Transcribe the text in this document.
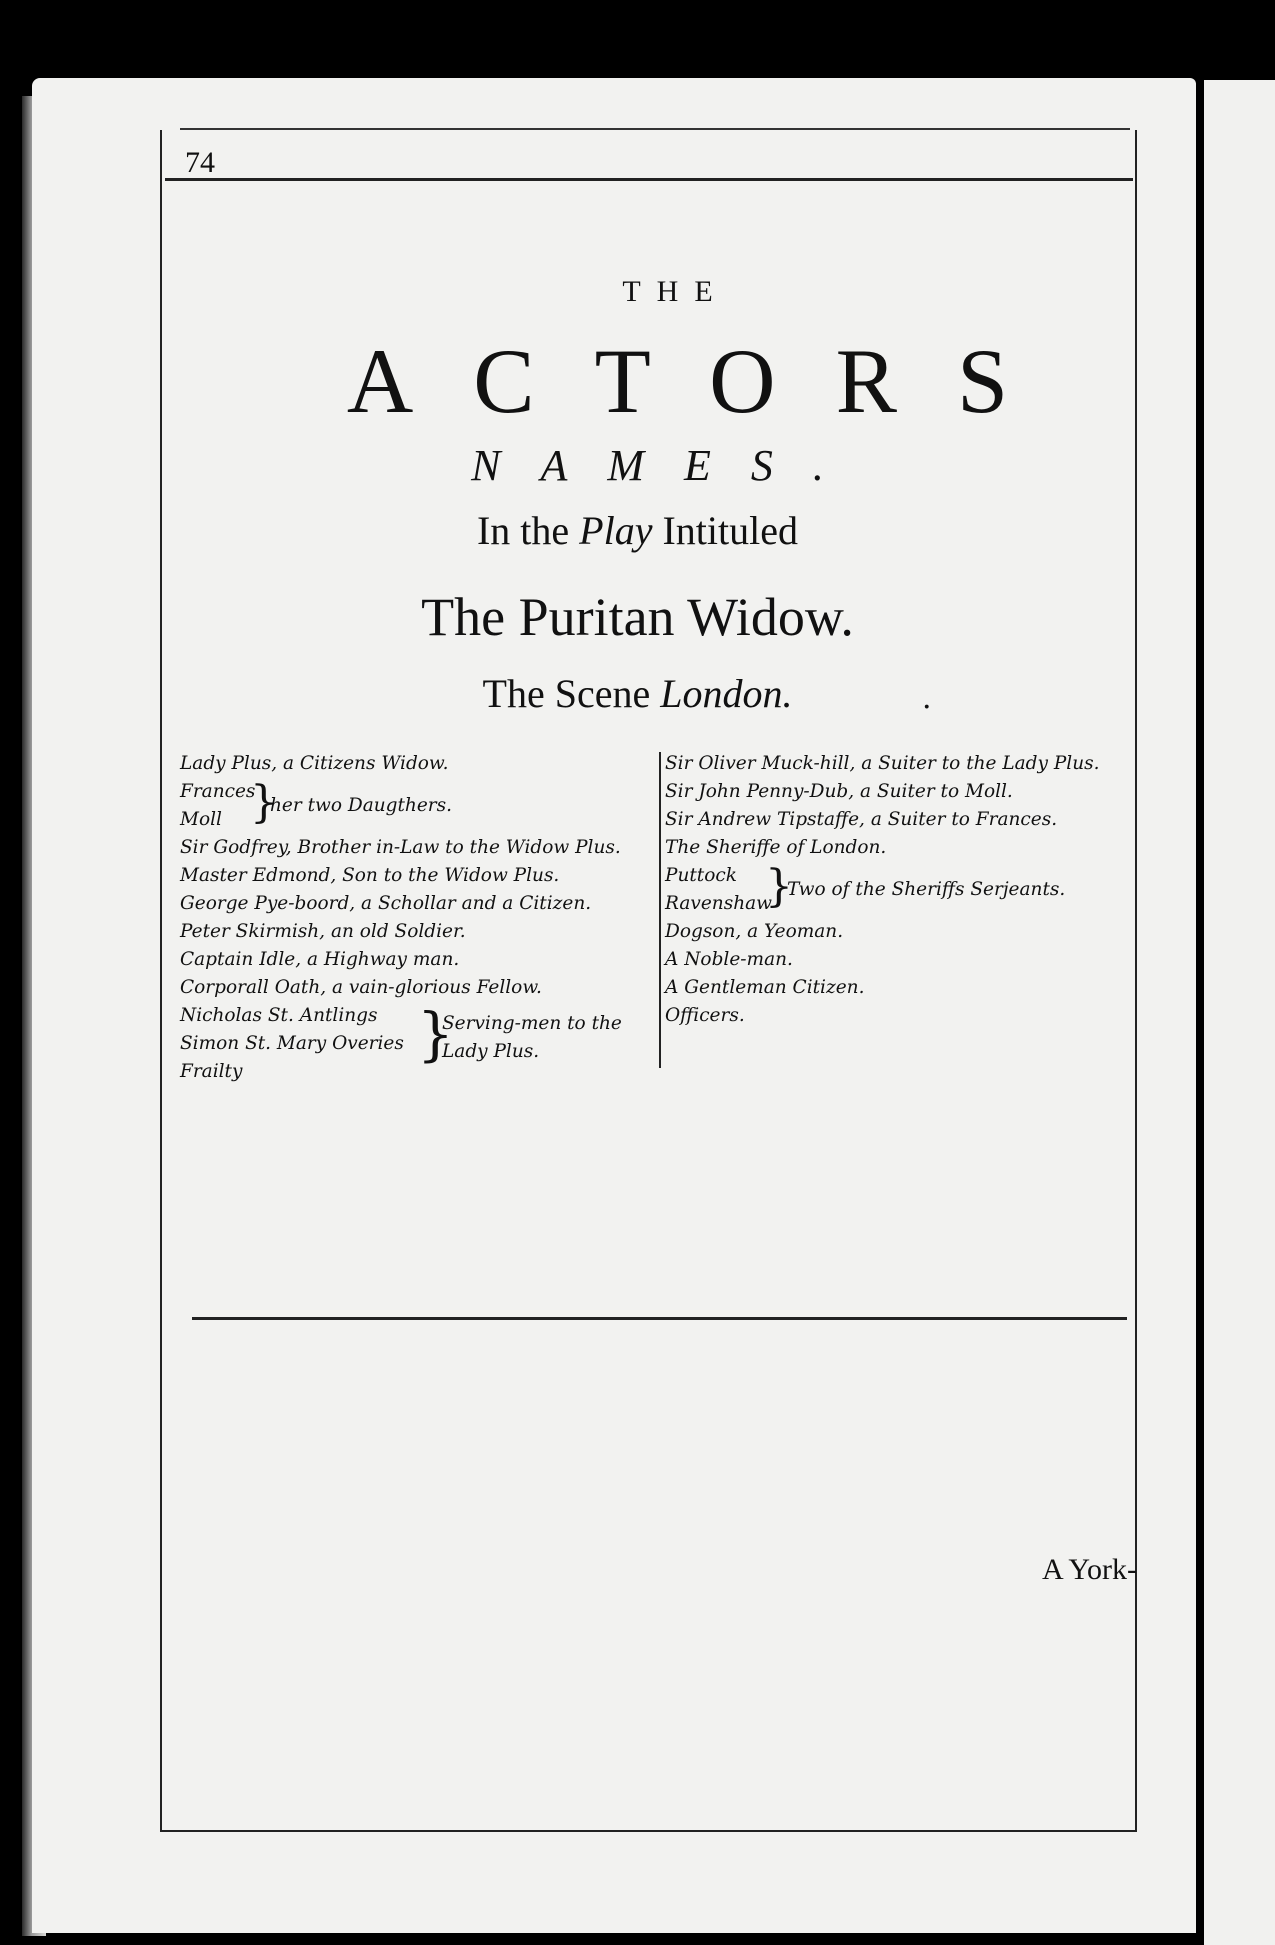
74
THE
ACTORS
NAMES.
In the Play Intituled
The Puritan Widow.
The Scene London.	·
Lady Plus, a Citizens Widow.
Frances
Moll }
her two Daugthers.
Sir Godfrey, Brother in-Law to the Widow Plus.
Master Edmond, Son to the Widow Plus.
George Pye-boord, a Schollar and a Citizen.
Peter Skirmish, an old Soldier.
Captain Idle, a Highway man.
Corporall Oath, a vain-glorious Fellow.
Nicholas St. Antlings
Simon St. Mary Overies
Frailty
}
Serving-men to the
Lady Plus.
Sir Oliver Muck-hill, a Suiter to the Lady Plus.
Sir John Penny-Dub, a Suiter to Moll.
Sir Andrew Tipstaffe, a Suiter to Frances.
The Sheriffe of London.
Puttock
Ravenshaw
}
Two of the Sheriffs Serjeants.
Dogson, a Yeoman.
A Noble-man.
A Gentleman Citizen.
Officers.
A York-
